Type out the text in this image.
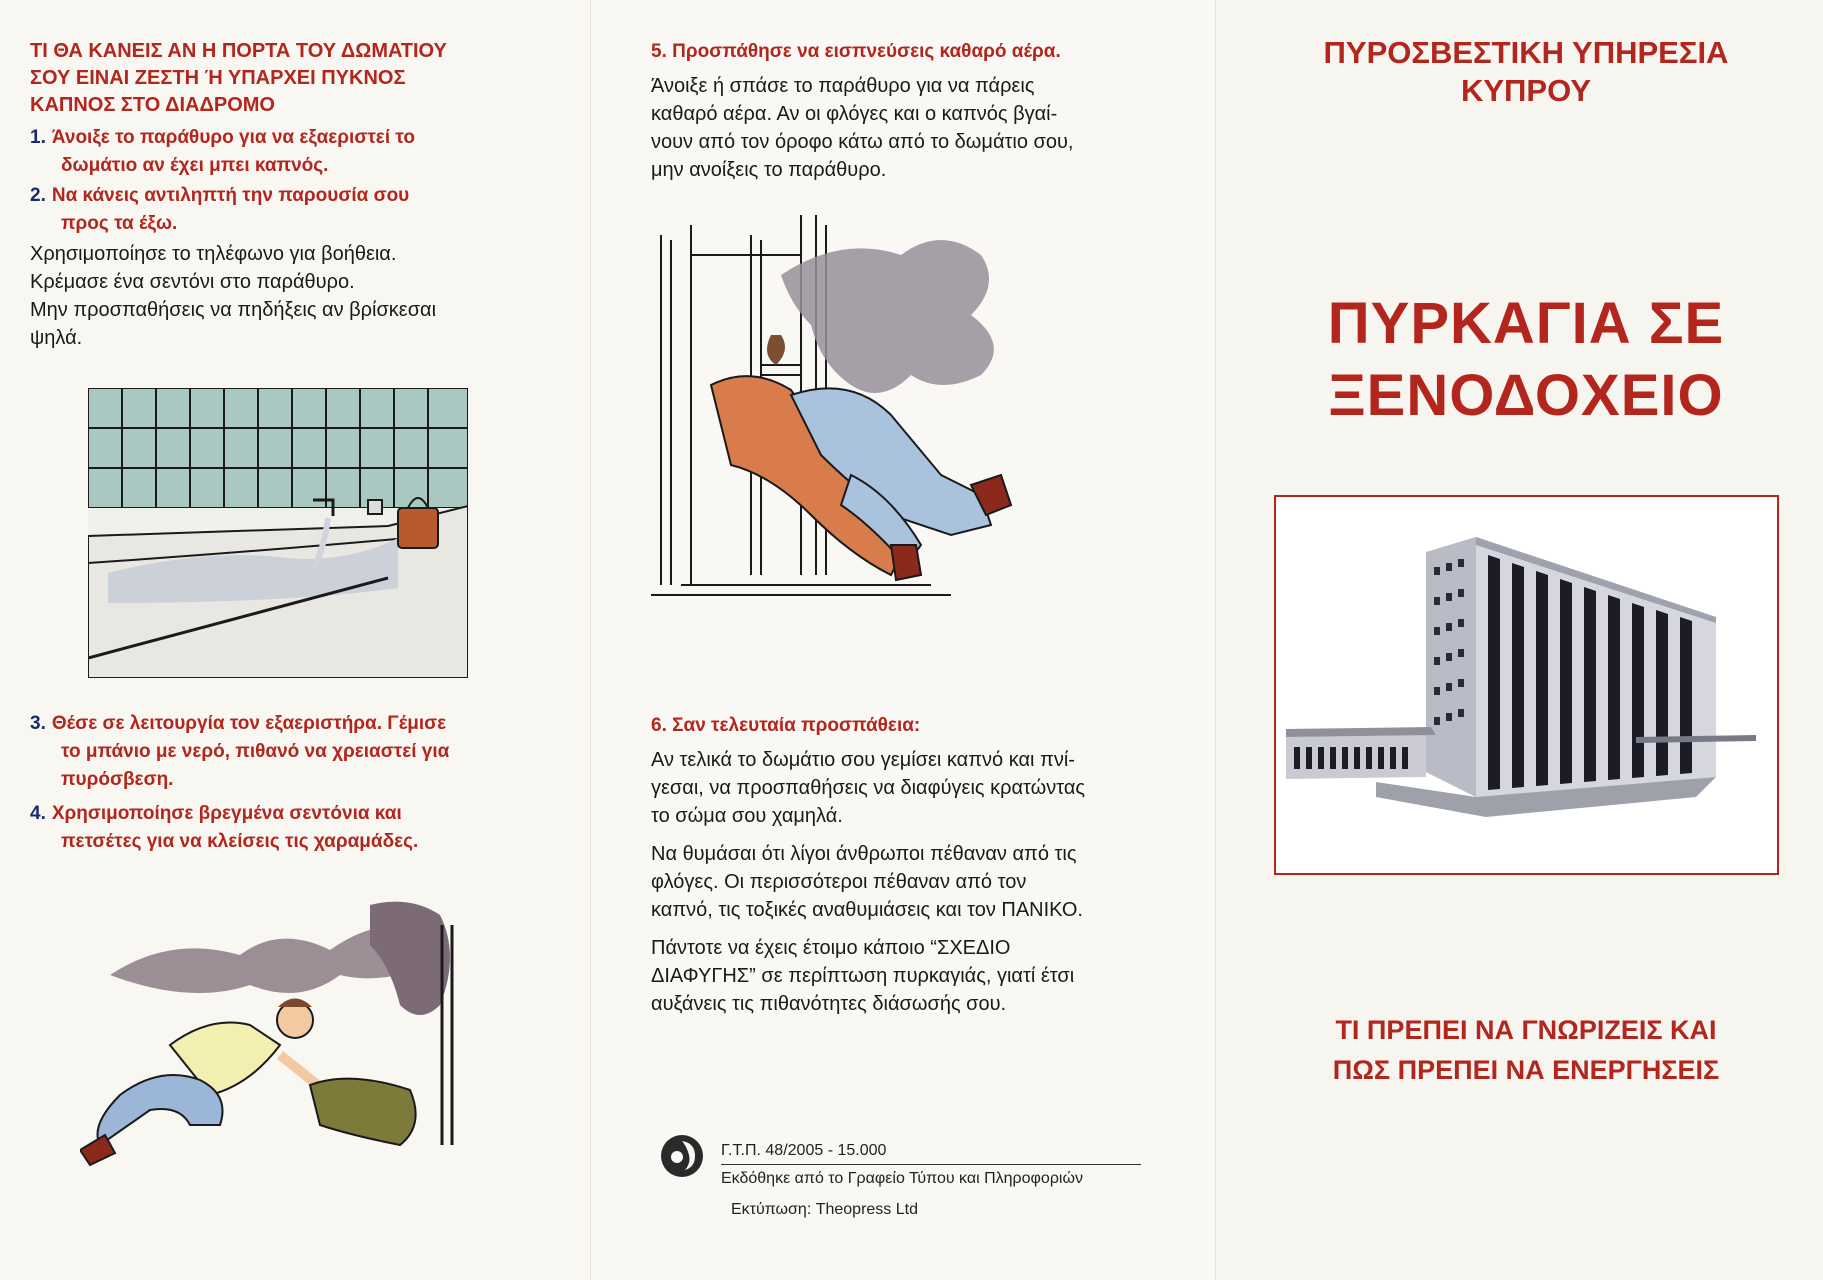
ΤΙ ΘΑ ΚΑΝΕΙΣ ΑΝ Η ΠΟΡΤΑ ΤΟΥ ΔΩΜΑΤΙΟΥ
ΣΟΥ ΕΙΝΑΙ ΖΕΣΤΗ Ή ΥΠΑΡΧΕΙ ΠΥΚΝΟΣ
ΚΑΠΝΟΣ ΣΤΟ ΔΙΑΔΡΟΜΟ
1. Άνοιξε το παράθυρο για να εξαεριστεί το
δωμάτιο αν έχει μπει καπνός.
2. Να κάνεις αντιληπτή την παρουσία σου
προς τα έξω.
Χρησιμοποίησε το τηλέφωνο για βοήθεια.
Κρέμασε ένα σεντόνι στο παράθυρο.
Μην προσπαθήσεις να πηδήξεις αν βρίσκεσαι
ψηλά.
3. Θέσε σε λειτουργία τον εξαεριστήρα. Γέμισε
το μπάνιο με νερό, πιθανό να χρειαστεί για
πυρόσβεση.
4. Χρησιμοποίησε βρεγμένα σεντόνια και
πετσέτες για να κλείσεις τις χαραμάδες.
5. Προσπάθησε να εισπνεύσεις καθαρό αέρα.
Άνοιξε ή σπάσε το παράθυρο για να πάρεις
καθαρό αέρα. Αν οι φλόγες και ο καπνός βγαί-
νουν από τον όροφο κάτω από το δωμάτιο σου,
μην ανοίξεις το παράθυρο.
6. Σαν τελευταία προσπάθεια:
Αν τελικά το δωμάτιο σου γεμίσει καπνό και πνί-
γεσαι, να προσπαθήσεις να διαφύγεις κρατώντας
το σώμα σου χαμηλά.
Να θυμάσαι ότι λίγοι άνθρωποι πέθαναν από τις
φλόγες. Οι περισσότεροι πέθαναν από τον
καπνό, τις τοξικές αναθυμιάσεις και τον ΠΑΝΙΚΟ.
Πάντοτε να έχεις έτοιμο κάποιο “ΣΧΕΔΙΟ
ΔΙΑΦΥΓΗΣ” σε περίπτωση πυρκαγιάς, γιατί έτσι
αυξάνεις τις πιθανότητες διάσωσής σου.
Γ.Τ.Π. 48/2005 - 15.000
Εκδόθηκε από το Γραφείο Τύπου και Πληροφοριών
Εκτύπωση: Theopress Ltd
ΠΥΡΟΣΒΕΣΤΙΚΗ ΥΠΗΡΕΣΙΑ
ΚΥΠΡΟΥ
ΠΥΡΚΑΓΙΑ ΣΕ
ΞΕΝΟΔΟΧΕΙΟ
ΤΙ ΠΡΕΠΕΙ ΝΑ ΓΝΩΡΙΖΕΙΣ ΚΑΙ
ΠΩΣ ΠΡΕΠΕΙ ΝΑ ΕΝΕΡΓΗΣΕΙΣ
